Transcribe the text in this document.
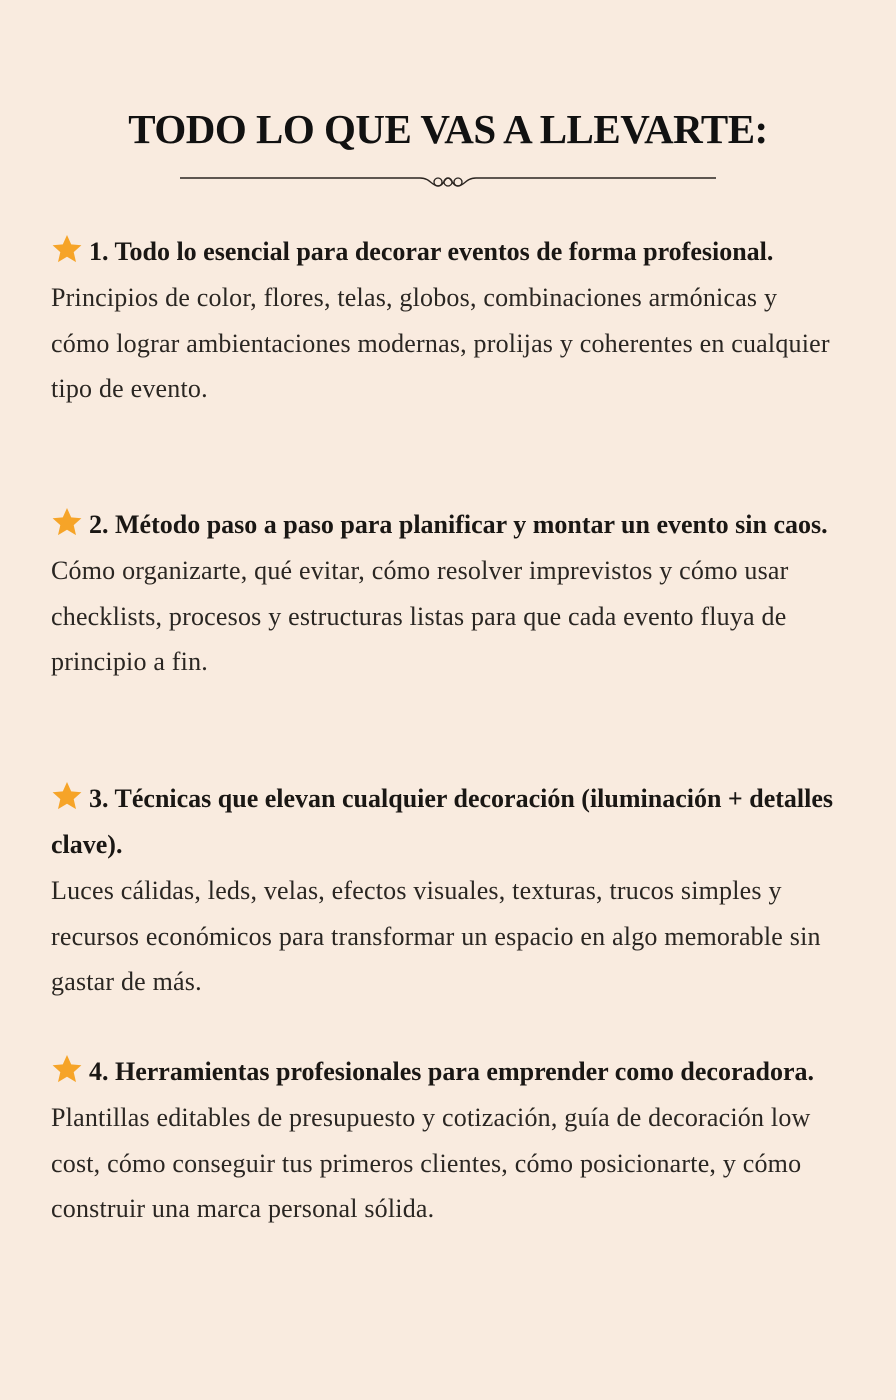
TODO LO QUE VAS A LLEVARTE:

1. Todo lo esencial para decorar eventos de forma profesional.

Principios de color, flores, telas, globos, combinaciones armónicas y cómo lograr ambientaciones modernas, prolijas y coherentes en cualquier tipo de evento.

2. Método paso a paso para planificar y montar un evento sin caos.

Cómo organizarte, qué evitar, cómo resolver imprevistos y cómo usar checklists, procesos y estructuras listas para que cada evento fluya de principio a fin.

3. Técnicas que elevan cualquier decoración (iluminación + detalles clave).

Luces cálidas, leds, velas, efectos visuales, texturas, trucos simples y recursos económicos para transformar un espacio en algo memorable sin gastar de más.

4. Herramientas profesionales para emprender como decoradora.

Plantillas editables de presupuesto y cotización, guía de decoración low cost, cómo conseguir tus primeros clientes, cómo posicionarte, y cómo construir una marca personal sólida.
